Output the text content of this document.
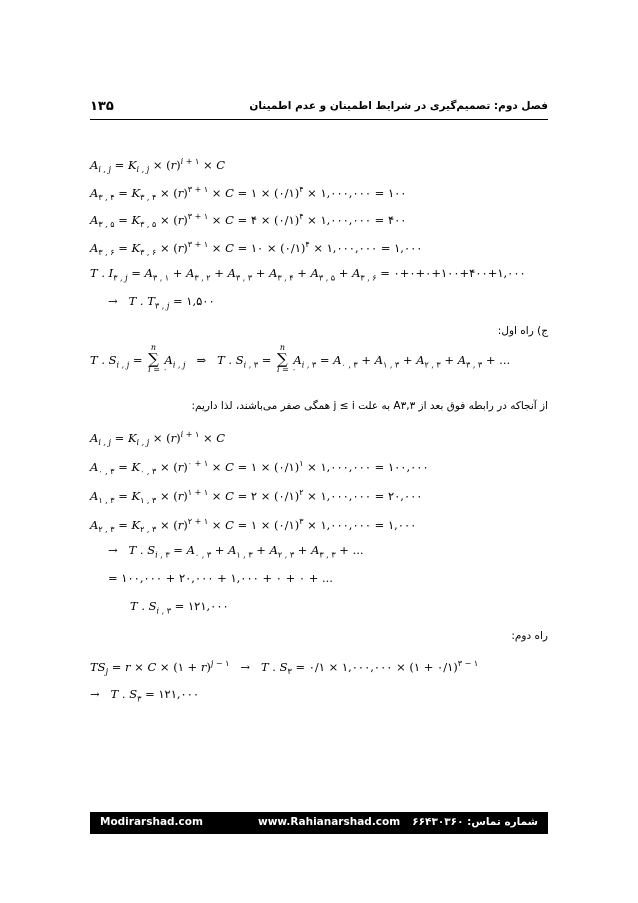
فصل دوم: تصمیم‌گیری در شرایط اطمینان و عدم اطمینان
۱۳۵
$A_{i , j} = K_{i , j} \times (r)^{i + ۱} \times C$
$A_{۳ , ۴} = K_{۳ , ۴} \times (r)^{۳ + ۱} \times C$ = ۱ × (۰/۱)$^۴$ × ۱,۰۰۰,۰۰۰ = ۱۰۰
$A_{۳ , ۵} = K_{۳ , ۵} \times (r)^{۳ + ۱} \times C$ = ۴ × (۰/۱)$^۴$ × ۱,۰۰۰,۰۰۰ = ۴۰۰
$A_{۳ , ۶} = K_{۳ , ۶} \times (r)^{۳ + ۱} \times C$ = ۱۰ × (۰/۱)$^۴$ × ۱,۰۰۰,۰۰۰ = ۱,۰۰۰
T . $I_{۳ , j} = A_{۳ , ۱} + A_{۳ , ۲} + A_{۳ , ۳} + A_{۳ , ۴} + A_{۳ , ۵} + A_{۳ , ۶}$ = ۰+۰+۰+۱۰۰+۴۰۰+۱,۰۰۰
→   T . $T_{۳ , j}$ = ۱,۵۰۰
ج) راه اول:
T . $S_{i , j}$ =
n
∑
i = ۰
$A_{i , j}$   ⇒   T . $S_{i , ۳}$ =
n
∑
i = ۰
$A_{i , ۳} = A_{۰ , ۳} + A_{۱ , ۳} + A_{۲ , ۳} + A_{۳ , ۳}$ + ...
از آنجاکه در رابطه فوق بعد از A۳,۳ به علت j ≤ i همگی صفر می‌باشند، لذا داریم:
$A_{i , j} = K_{i , j} \times (r)^{i + ۱} \times C$
$A_{۰ , ۳} = K_{۰ , ۳} \times (r)^{۰ + ۱} \times C$ = ۱ × (۰/۱)$^۱$ × ۱,۰۰۰,۰۰۰ = ۱۰۰,۰۰۰
$A_{۱ , ۳} = K_{۱ , ۳} \times (r)^{۱ + ۱} \times C$ = ۲ × (۰/۱)$^۲$ × ۱,۰۰۰,۰۰۰ = ۲۰,۰۰۰
$A_{۲ , ۳} = K_{۲ , ۳} \times (r)^{۲ + ۱} \times C$ = ۱ × (۰/۱)$^۳$ × ۱,۰۰۰,۰۰۰ = ۱,۰۰۰
→   T . $S_{i , ۳} = A_{۰ , ۳} + A_{۱ , ۳} + A_{۲ , ۳} + A_{۳ , ۳}$ + ...
= ۱۰۰,۰۰۰ + ۲۰,۰۰۰ + ۱,۰۰۰ + ۰ + ۰ + ...
T . $S_{i , ۳}$ = ۱۲۱,۰۰۰
راه دوم:
$TS_j = r \times C$ × (۱ + r)$^{j - ۱}$   →   T . $S_۳$ = ۰/۱ × ۱,۰۰۰,۰۰۰ × (۱ + ۰/۱)$^{۳ - ۱}$
→   T . $S_۳$ = ۱۲۱,۰۰۰
شماره تماس: ۶۶۴۳۰۳۶۰
www.Rahianarshad.com
Modirarshad.com
